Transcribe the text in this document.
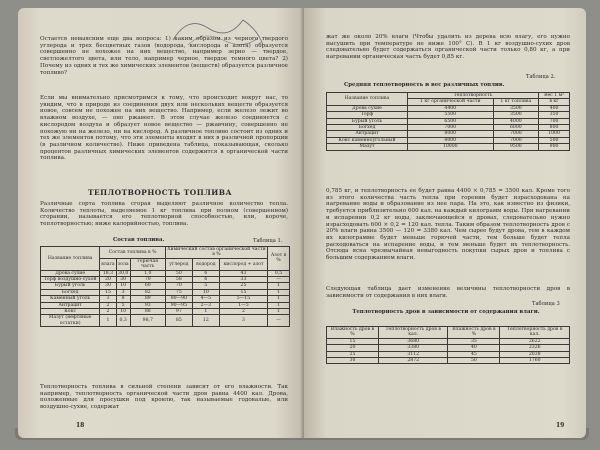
Остается невыясним еще два вопроса: 1) каким образом из черного твердого углерода и трех бесцветных газов (водорода, кислорода и азота) образуется совершенно не похожее на них вещество, например зерно — твердое, светложелтого цвета, или тело, например черное, твердое темного цвета? 2) Почему из одних и тех же химических элементов (веществ) образуется различное топливо?
Если мы внимательно присмотримся к тому, что происходит вокруг нас, то увидим, что в природе из соединения двух или нескольких веществ образуется новое, совсем не похожее на них вещество. Например, если железо лежит во влажном воздухе, — оно ржавеет. В этом случае железо соединяется с кислородом воздуха и образует новое вещество — ржавчину, совершенно не похожую ни на железо, ни на кислород. А различное топливо состоит из одних и тех же элементов потому, что эти элементы входят в них в различной пропорции (в различном количестве). Ниже приведена таблица, показывающая, сколько процентов различных химических элементов содержится в органической части топлива.
ТЕПЛОТВОРНОСТЬ ТОПЛИВА
Различные сорта топлива сгорая выделяют различное количество тепла. Количество теплоты, выделяемое 1 кг топлива при полном (совершенном) сгорании, называется его теплотворной способностью, или, короче, теплотворностью; ниже калорийностью, топлива.
Состав топлива.	Таблица 1.
Название топлива	Состав топлива в %			Химический состав органической части в %			Азот в %
	влага	зола	горючая часть	углерод	водород	кислород + азот	
Дрова сухие	18,3	30,0	1,0	50	6	43	0,5
Торф воздушно-сухой	20	30	70	58	6	33	—
Бурый уголь	30	10	60	70	5	25	1
Богхед	15	3	82	75	10	15	1
Каменный уголь	3	8	89	80—90	4—5	5—15	1
Антрацит	2	5	93	90—95	2—3	1—5	1
Кокс	2	10	88	97	1	2	1
Мазут (нефтяные остатки)	1	0,3	98,7	85	12	3	—
Теплотворность топлива в сильной степени зависит от его влажности. Так например, теплотворность органической части дров равна 4400 кал. Дрова, положенные для просушки под кровлю, так называемые годовалые, или воздушно-сухие, содержат
18
жат же около 20% влаги (Чтобы удалить из дерева всю влагу, его нужно высушить при температуре не ниже 100° С). В 1 кг воздушно-сухих дров следовательно будет содержаться органической части только 0,80 кг, а при нагревании органическая часть будет 0,85 кг.
Таблица 2.
Средняя теплотворность и вес различных топлив.
Название топлива	Теплотворность		Вес 1 м³
	1 кг органической части	1 кг топлива	в кг
Дрова сухие	4400	3500	400
Торф	5500	3500	350
Бурый уголь	6500	4000	700
Богхед	7000	6000	800
Антрацит	8000	7000	1000
Кокс каменноугольный	8000	7000	500
Мазут	10000	9500	900
0,785 кг, и теплотворность ее будет равна 4400 × 0,785 = 3500 кал. Кроме того из этого количества часть тепла при горении будет израсходована на нагревание воды и образование из нее пара. На это, как известно из физики, требуется приблизительно 600 кал. на каждый килограмм воды. При нагревании и испарении 0,2 кг воды, заключающейся в дровах, следовательно нужно израсходовать 600 × 0,2 = 120 кал. тепла. Таким образом теплотворность дров с 20% влаги равна 3500 — 120 = 3380 кал. Чем сырее будут дрова, тем в каждом их килограмме будет меньше горючей части, тем больше будет тепла расходоваться на испарение воды, и тем меньше будет их теплотворность. Отсюда ясна чрезвычайная невыгодность покупки сырых дров и топлива с большим содержанием влаги.
Следующая таблица дает изменение величины теплотворности дров в зависимости от содержания в них влаги.
Таблица 3
Теплотворность дров в зависимости от содержания влаги.
Влажность дров в %	Теплотворность дров в кал.	Влажность дров в %	Теплотворность дров в кал.
15	3680	35	2622
20	3380	40	2326
25	3112	45	2038
30	2872	50	1760
19
